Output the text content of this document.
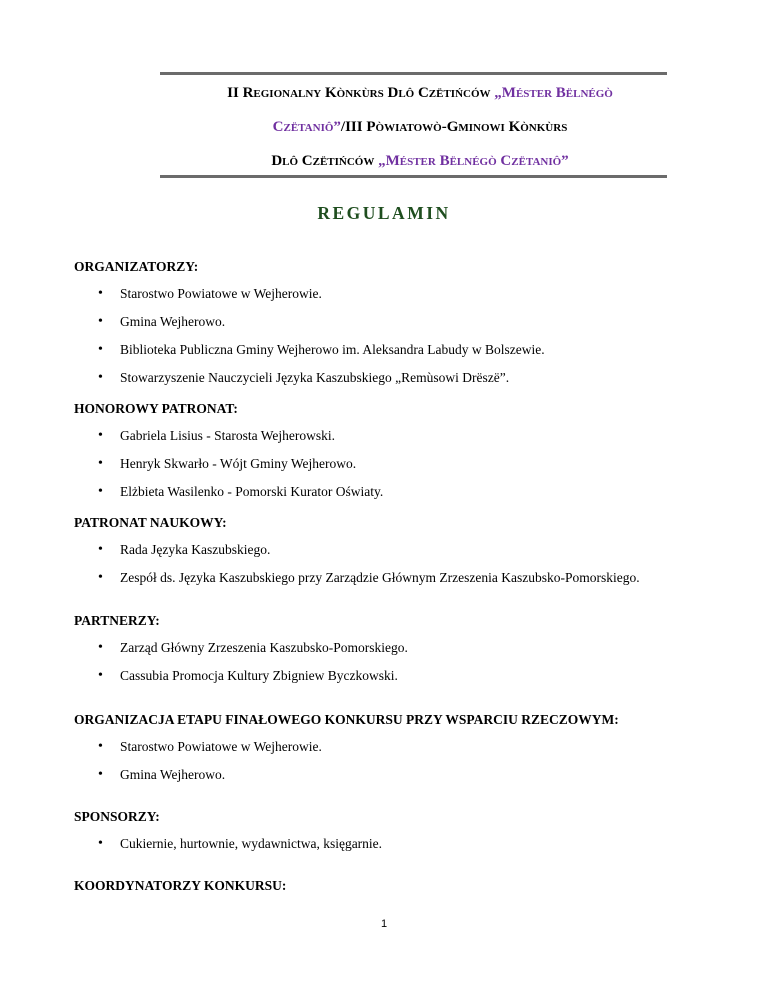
II Regionalny Kònkùrs Dlô Czëtińców „Méster Bëlnégò
Czëtaniô”/III Pòwiatowò-Gminowi Kònkùrs
Dlô Czëtińców „Méster Bëlnégò Czëtaniô”
REGULAMIN

ORGANIZATORZY:

• Starostwo Powiatowe w Wejherowie.
• Gmina Wejherowo.
• Biblioteka Publiczna Gminy Wejherowo im. Aleksandra Labudy w Bolszewie.
• Stowarzyszenie Nauczycieli Języka Kaszubskiego „Remùsowi Drëszë”.

HONOROWY PATRONAT:

• Gabriela Lisius - Starosta Wejherowski.
• Henryk Skwarło - Wójt Gminy Wejherowo.
• Elżbieta Wasilenko - Pomorski Kurator Oświaty.

PATRONAT NAUKOWY:

• Rada Języka Kaszubskiego.
• Zespół ds. Języka Kaszubskiego przy Zarządzie Głównym Zrzeszenia Kaszubsko-Pomorskiego.

PARTNERZY:

• Zarząd Główny Zrzeszenia Kaszubsko-Pomorskiego.
• Cassubia Promocja Kultury Zbigniew Byczkowski.

ORGANIZACJA ETAPU FINAŁOWEGO KONKURSU PRZY WSPARCIU RZECZOWYM:

• Starostwo Powiatowe w Wejherowie.
• Gmina Wejherowo.

SPONSORZY:

• Cukiernie, hurtownie, wydawnictwa, księgarnie.

KOORDYNATORZY KONKURSU:

1
